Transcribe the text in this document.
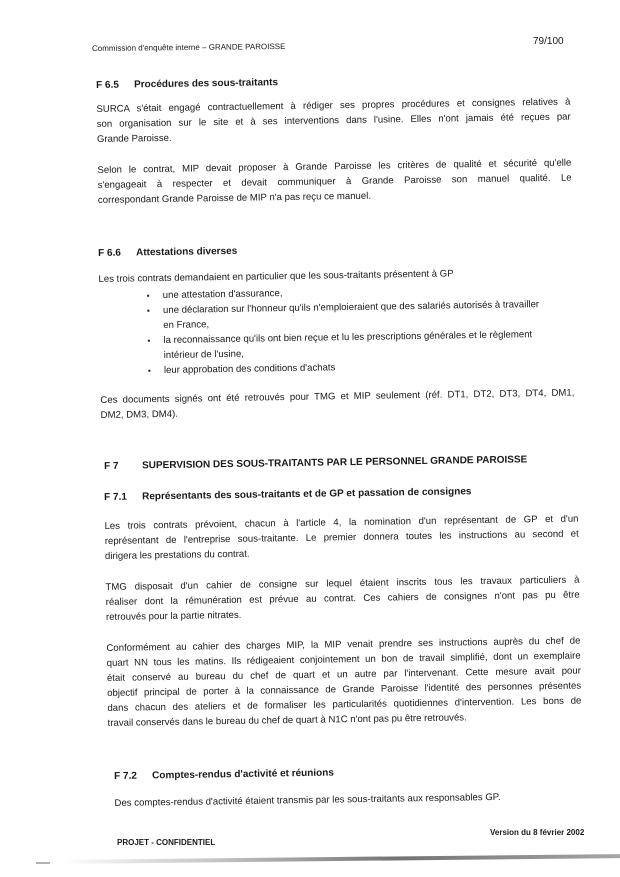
Commission d'enquête interne – GRANDE PAROISSE
79/100
F 6.5 Procédures des sous-traitants
SURCA s'était engagé contractuellement à rédiger ses propres procédures et consignes relatives à
son organisation sur le site et à ses interventions dans l'usine. Elles n'ont jamais été reçues par
Grande Paroisse.
Selon le contrat, MIP devait proposer à Grande Paroisse les critères de qualité et sécurité qu'elle
s'engageait à respecter et devait communiquer à Grande Paroisse son manuel qualité. Le
correspondant Grande Paroisse de MIP n'a pas reçu ce manuel.
F 6.6 Attestations diverses
Les trois contrats demandaient en particulier que les sous-traitants présentent à GP
▪ une attestation d'assurance,
▪ une déclaration sur l'honneur qu'ils n'emploieraient que des salariés autorisés à travailler
en France,
▪ la reconnaissance qu'ils ont bien reçue et lu les prescriptions générales et le règlement
intérieur de l'usine,
▪ leur approbation des conditions d'achats
Ces documents signés ont été retrouvés pour TMG et MIP seulement (réf. DT1, DT2, DT3, DT4, DM1,
DM2, DM3, DM4).
F 7 SUPERVISION DES SOUS-TRAITANTS PAR LE PERSONNEL GRANDE PAROISSE
F 7.1 Représentants des sous-traitants et de GP et passation de consignes
Les trois contrats prévoient, chacun à l'article 4, la nomination d'un représentant de GP et d'un
représentant de l'entreprise sous-traitante. Le premier donnera toutes les instructions au second et
dirigera les prestations du contrat.
TMG disposait d'un cahier de consigne sur lequel étaient inscrits tous les travaux particuliers à
réaliser dont la rémunération est prévue au contrat. Ces cahiers de consignes n'ont pas pu être
retrouvés pour la partie nitrates.
Conformément au cahier des charges MIP, la MIP venait prendre ses instructions auprès du chef de
quart NN tous les matins. Ils rédigeaient conjointement un bon de travail simplifié, dont un exemplaire
était conservé au bureau du chef de quart et un autre par l'intervenant. Cette mesure avait pour
objectif principal de porter à la connaissance de Grande Paroisse l'identité des personnes présentes
dans chacun des ateliers et de formaliser les particularités quotidiennes d'intervention. Les bons de
travail conservés dans le bureau du chef de quart à N1C n'ont pas pu être retrouvés.
F 7.2 Comptes-rendus d'activité et réunions
Des comptes-rendus d'activité étaient transmis par les sous-traitants aux responsables GP.
PROJET - CONFIDENTIEL
Version du 8 février 2002
